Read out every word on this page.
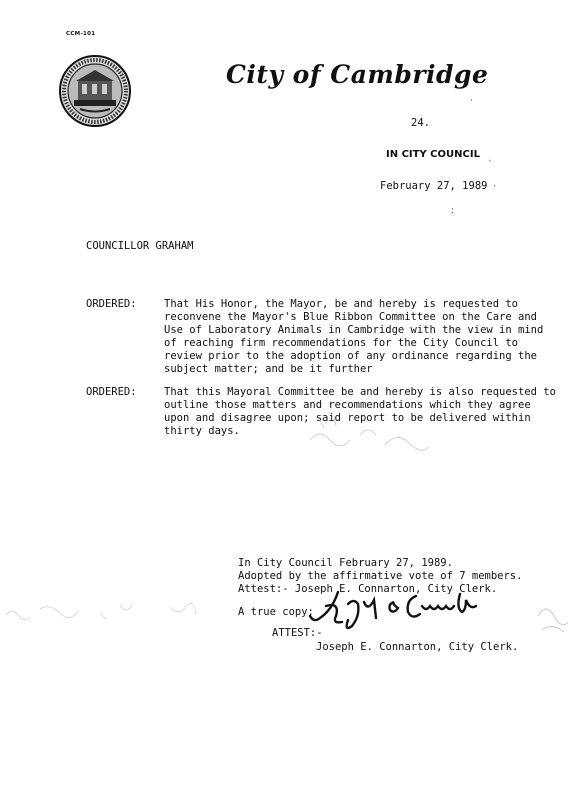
CCM-101
City of Cambridge
24.
IN CITY COUNCIL
February 27, 1989
·
ˋ
·
:
COUNCILLOR GRAHAM
ORDERED:	That His Honor, the Mayor, be and hereby is requested to
reconvene the Mayor's Blue Ribbon Committee on the Care and
Use of Laboratory Animals in Cambridge with the view in mind
of reaching firm recommendations for the City Council to
review prior to the adoption of any ordinance regarding the
subject matter; and be it further
ORDERED:	That this Mayoral Committee be and hereby is also requested to
outline those matters and recommendations which they agree
upon and disagree upon; said report to be delivered within
thirty days.
In City Council February 27, 1989.
Adopted by the affirmative vote of 7 members.
Attest:- Joseph E. Connarton, City Clerk.
A true copy;
ATTEST:-
Joseph E. Connarton, City Clerk.
